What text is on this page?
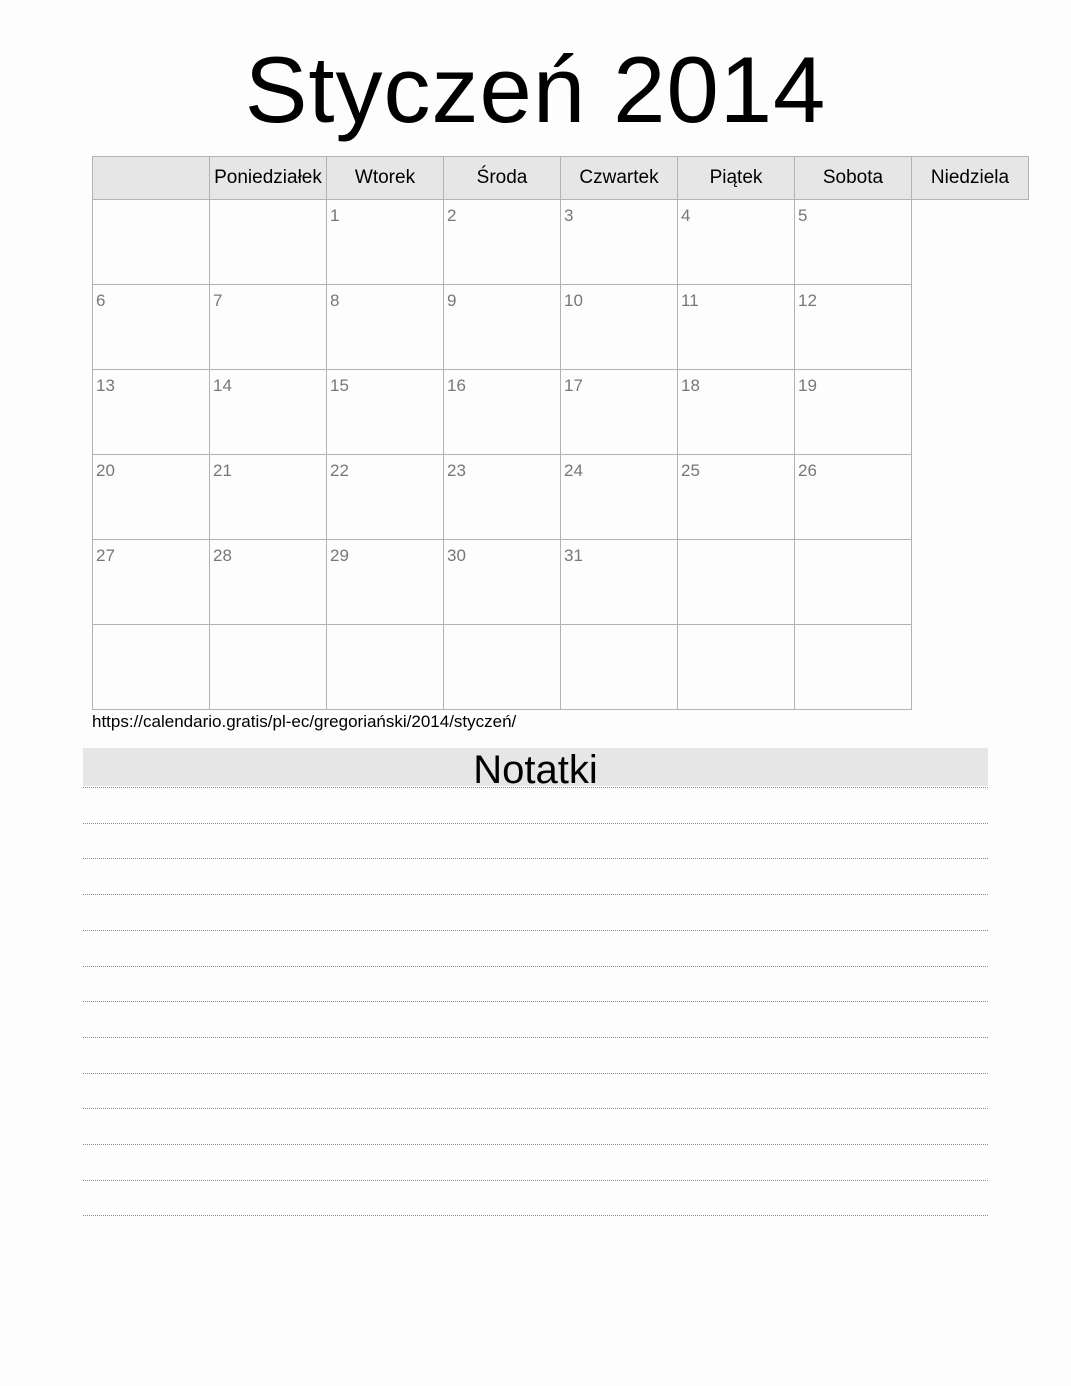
Styczeń 2014
	Poniedziałek	Wtorek	Środa	Czwartek	Piątek	Sobota	Niedziela

		1	2	3	4	5	

6	7	8	9	10	11	12	

13	14	15	16	17	18	19	

20	21	22	23	24	25	26	

27	28	29	30	31			

https://calendario.gratis/pl-ec/gregoriański/2014/styczeń/
Notatki
